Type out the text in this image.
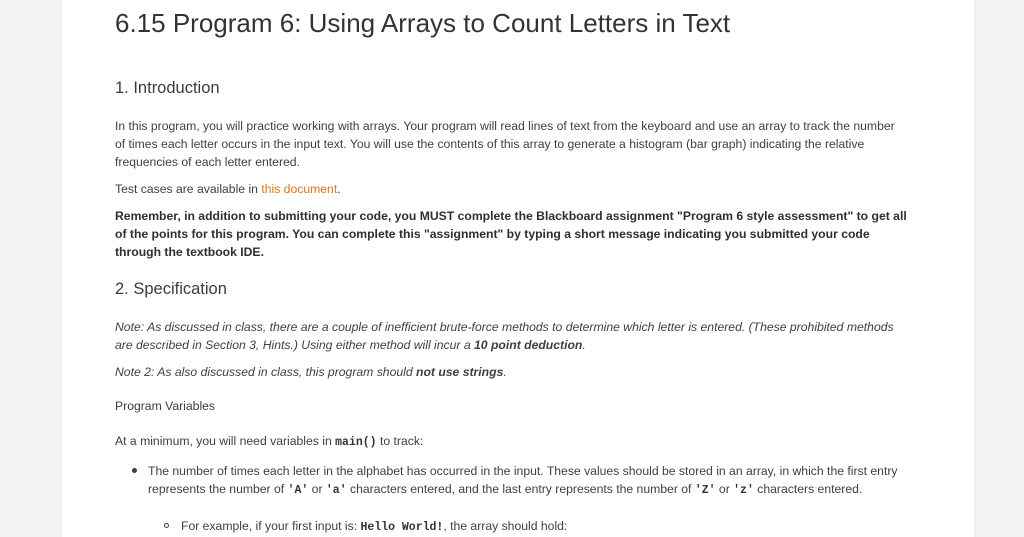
6.15 Program 6: Using Arrays to Count Letters in Text
1. Introduction

In this program, you will practice working with arrays. Your program will read lines of text from the keyboard and use an array to track the number of times each letter occurs in the input text. You will use the contents of this array to generate a histogram (bar graph) indicating the relative frequencies of each letter entered.

Test cases are available in this document.

Remember, in addition to submitting your code, you MUST complete the Blackboard assignment "Program 6 style assessment" to get all of the points for this program. You can complete this "assignment" by typing a short message indicating you submitted your code through the textbook IDE.

2. Specification

Note: As discussed in class, there are a couple of inefficient brute-force methods to determine which letter is entered. (These prohibited methods are described in Section 3, Hints.) Using either method will incur a 10 point deduction.

Note 2: As also discussed in class, this program should not use strings.

Program Variables

At a minimum, you will need variables in main() to track:

The number of times each letter in the alphabet has occurred in the input. These values should be stored in an array, in which the first entry represents the number of 'A' or 'a' characters entered, and the last entry represents the number of 'Z' or 'z' characters entered.

For example, if your first input is: Hello World!, the array should hold:
